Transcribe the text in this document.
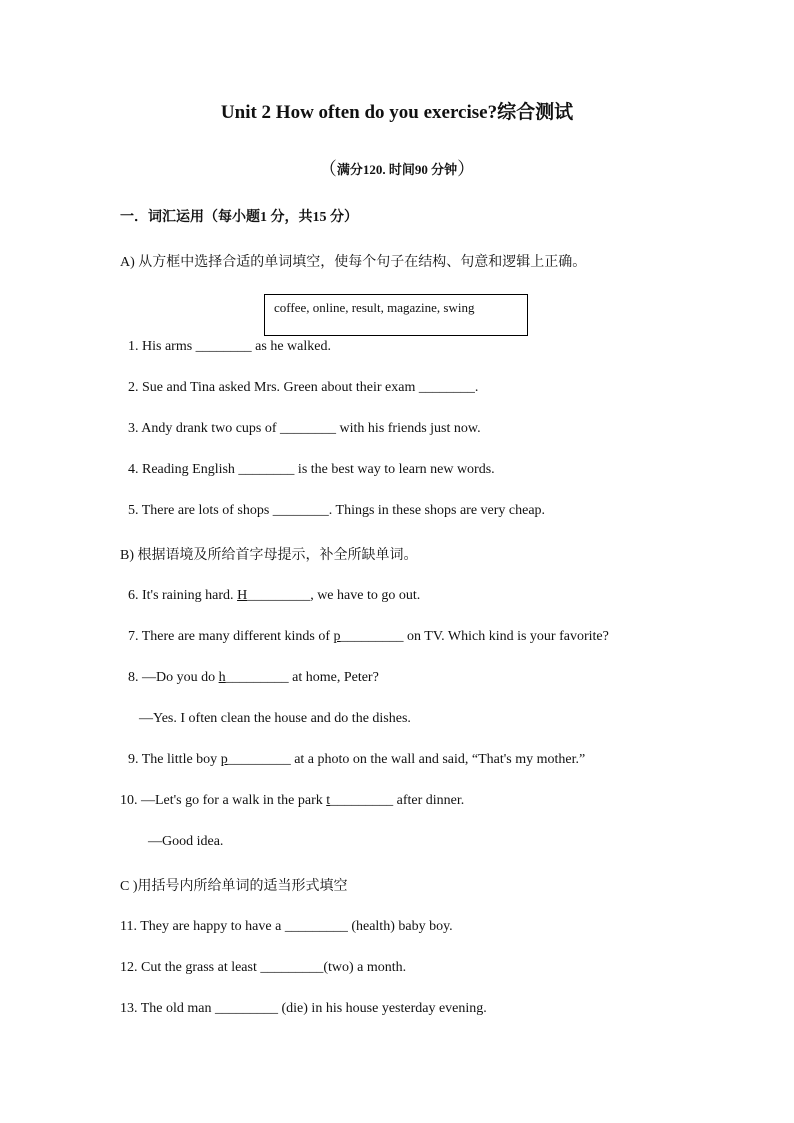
Unit 2 How often do you exercise?综合测试
（满分120. 时间90 分钟）
一．词汇运用（每小题1 分，共15 分）
A) 从方框中选择合适的单词填空，使每个句子在结构、句意和逻辑上正确。
coffee, online, result, magazine, swing
1. His arms ________ as he walked.
2. Sue and Tina asked Mrs. Green about their exam ________.
3. Andy drank two cups of ________ with his friends just now.
4. Reading English ________ is the best way to learn new words.
5. There are lots of shops ________. Things in these shops are very cheap.
B) 根据语境及所给首字母提示，补全所缺单词。
6. It's raining hard. H_________, we have to go out.
7. There are many different kinds of p_________ on TV. Which kind is your favorite?
8. —Do you do h_________ at home, Peter?
—Yes. I often clean the house and do the dishes.
9. The little boy p_________ at a photo on the wall and said, “That's my mother.”
10. —Let's go for a walk in the park t_________ after dinner.
—Good idea.
C )用括号内所给单词的适当形式填空
11. They are happy to have a _________ (health) baby boy.
12. Cut the grass at least _________(two) a month.
13. The old man _________ (die) in his house yesterday evening.
